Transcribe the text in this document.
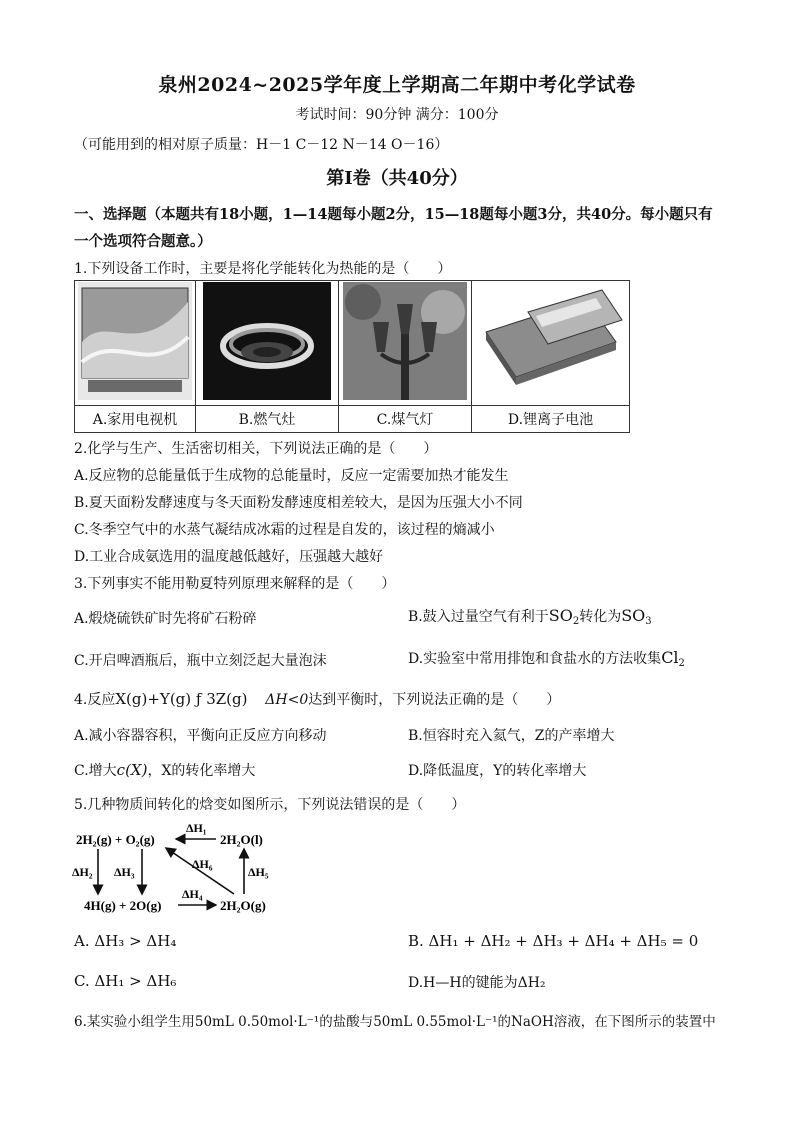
泉州2024~2025学年度上学期高二年期中考化学试卷
考试时间：90分钟 满分：100分
（可能用到的相对原子质量：H－1 C－12 N－14 O－16）
第Ⅰ卷（共40分）
一、选择题（本题共有18小题，1—14题每小题2分，15—18题每小题3分，共40分。每小题只有一个选项符合题意。）
1.下列设备工作时，主要是将化学能转化为热能的是（　　）

A.家用电视机	B.燃气灶	C.煤气灯	D.锂离子电池
2.化学与生产、生活密切相关，下列说法正确的是（　　）
A.反应物的总能量低于生成物的总能量时，反应一定需要加热才能发生
B.夏天面粉发酵速度与冬天面粉发酵速度相差较大，是因为压强大小不同
C.冬季空气中的水蒸气凝结成冰霜的过程是自发的，该过程的熵减小
D.工业合成氨选用的温度越低越好，压强越大越好
3.下列事实不能用勒夏特列原理来解释的是（　　）
A.煅烧硫铁矿时先将矿石粉碎	B.鼓入过量空气有利于$SO_2$转化为$SO_3$
C.开启啤酒瓶后，瓶中立刻泛起大量泡沫	D.实验室中常用排饱和食盐水的方法收集$Cl_2$
4.反应X(g)+Y(g) ƒ 3Z(g) ΔH<0达到平衡时，下列说法正确的是（　　）
A.减小容器容积，平衡向正反应方向移动	B.恒容时充入氦气，Z的产率增大
C.增大c(X)，X的转化率增大	D.降低温度，Y的转化率增大
5.几种物质间转化的焓变如图所示，下列说法错误的是（　　）
2H₂(g) + O₂(g)	2H₂O(l)
4H(g) + 2O(g)	2H₂O(g)
ΔH₁
ΔH₂ ΔH₃
ΔH₄
ΔH₅
ΔH₆
A. ΔH₃ > ΔH₄	B. ΔH₁ + ΔH₂ + ΔH₃ + ΔH₄ + ΔH₅ = 0
C. ΔH₁ > ΔH₆	D.H—H的键能为ΔH₂
6.某实验小组学生用50mL 0.50mol·L⁻¹的盐酸与50mL 0.55mol·L⁻¹的NaOH溶液，在下图所示的装置中
